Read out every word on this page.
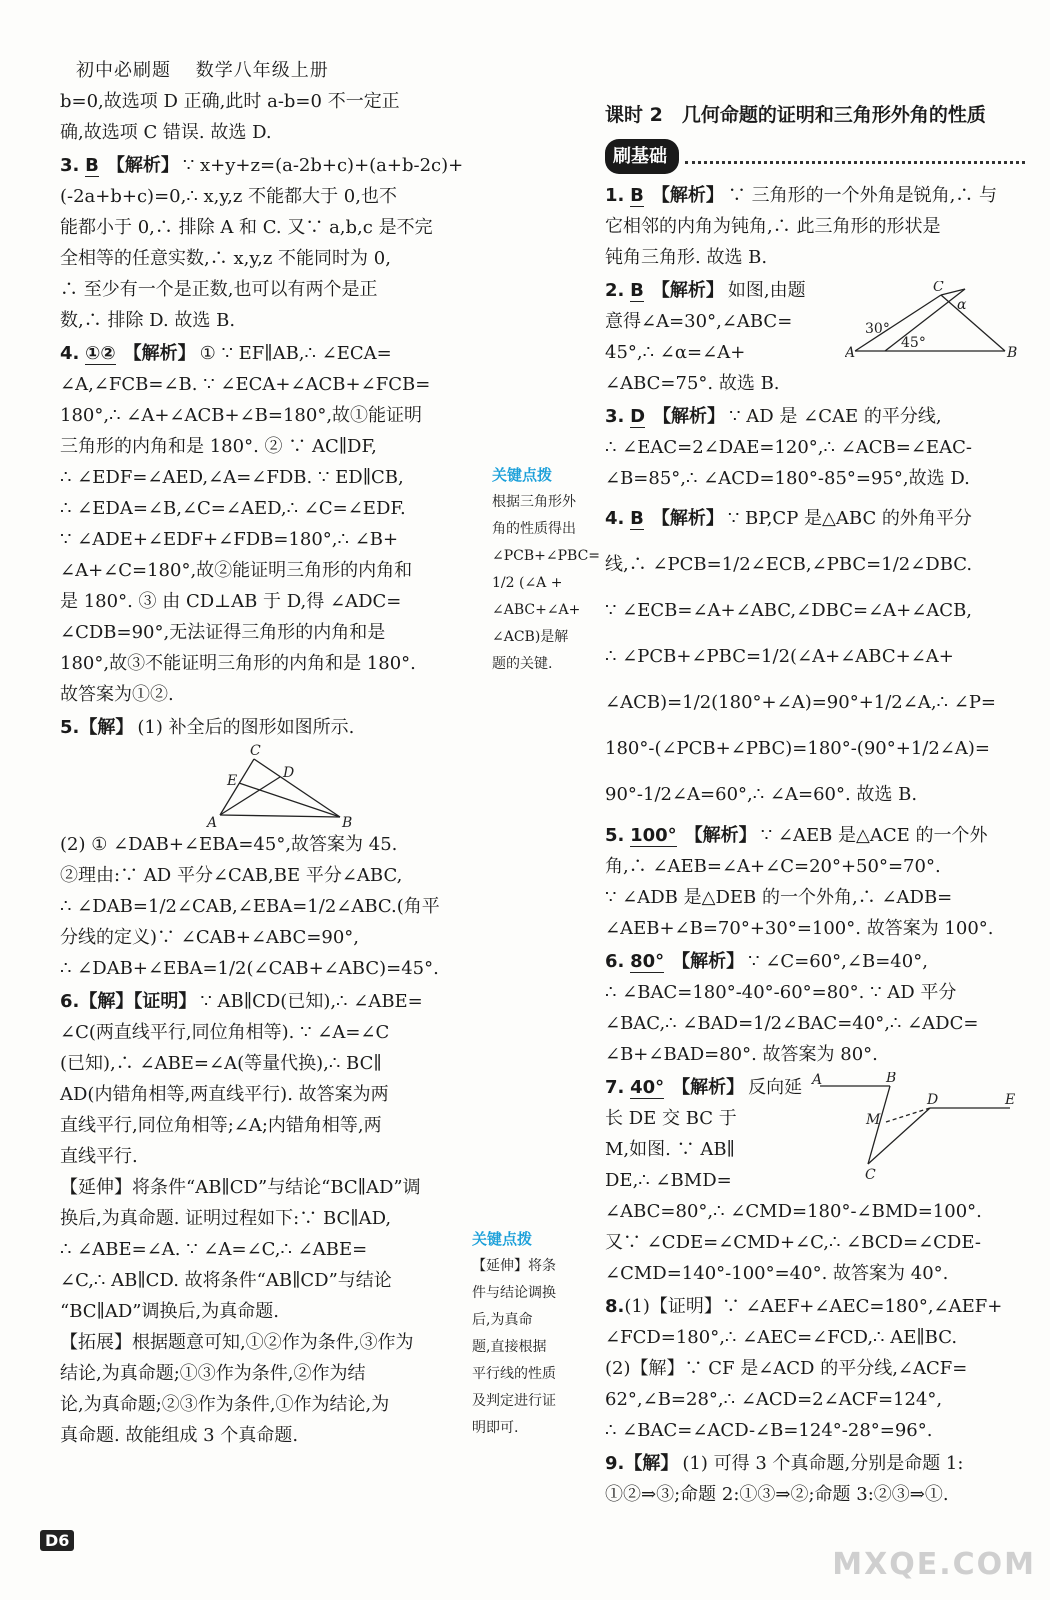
初中必刷题 数学八年级上册
b=0,故选项 D 正确,此时 a-b=0 不一定正
确,故选项 C 错误. 故选 D.
3. B 【解析】 ∵ x+y+z=(a-2b+c)+(a+b-2c)+
(-2a+b+c)=0,∴ x,y,z 不能都大于 0,也不
能都小于 0,∴ 排除 A 和 C. 又∵ a,b,c 是不完
全相等的任意实数,∴ x,y,z 不能同时为 0,
∴ 至少有一个是正数,也可以有两个是正
数,∴ 排除 D. 故选 B.
4. ①② 【解析】 ① ∵ EF∥AB,∴ ∠ECA=
∠A,∠FCB=∠B. ∵ ∠ECA+∠ACB+∠FCB=
180°,∴ ∠A+∠ACB+∠B=180°,故①能证明
三角形的内角和是 180°. ② ∵ AC∥DF,
∴ ∠EDF=∠AED,∠A=∠FDB. ∵ ED∥CB,
∴ ∠EDA=∠B,∠C=∠AED,∴ ∠C=∠EDF.
∵ ∠ADE+∠EDF+∠FDB=180°,∴ ∠B+
∠A+∠C=180°,故②能证明三角形的内角和
是 180°. ③ 由 CD⊥AB 于 D,得 ∠ADC=
∠CDB=90°,无法证得三角形的内角和是
180°,故③不能证明三角形的内角和是 180°.
故答案为①②.
5.【解】 (1) 补全后的图形如图所示.
C
E	D
A	B
(2) ① ∠DAB+∠EBA=45°,故答案为 45.
②理由:∵ AD 平分∠CAB,BE 平分∠ABC,
∴ ∠DAB=1/2∠CAB,∠EBA=1/2∠ABC.(角平
分线的定义)∵ ∠CAB+∠ABC=90°,
∴ ∠DAB+∠EBA=1/2(∠CAB+∠ABC)=45°.
6.【解】【证明】 ∵ AB∥CD(已知),∴ ∠ABE=
∠C(两直线平行,同位角相等). ∵ ∠A=∠C
(已知),∴ ∠ABE=∠A(等量代换),∴ BC∥
AD(内错角相等,两直线平行). 故答案为两
直线平行,同位角相等;∠A;内错角相等,两
直线平行.
【延伸】将条件“AB∥CD”与结论“BC∥AD”调
换后,为真命题. 证明过程如下:∵ BC∥AD,
∴ ∠ABE=∠A. ∵ ∠A=∠C,∴ ∠ABE=
∠C,∴ AB∥CD. 故将条件“AB∥CD”与结论
“BC∥AD”调换后,为真命题.
【拓展】根据题意可知,①②作为条件,③作为
结论,为真命题;①③作为条件,②作为结
论,为真命题;②③作为条件,①作为结论,为
真命题. 故能组成 3 个真命题.
关键点拨
根据三角形外
角的性质得出
∠PCB+∠PBC=
1/2 (∠A +
∠ABC+∠A+
∠ACB)是解
题的关键.
关键点拨
【延伸】将条
件与结论调换
后,为真命
题,直接根据
平行线的性质
及判定进行证
明即可.
课时 2　几何命题的证明和三角形外角的性质
刷基础
1. B 【解析】 ∵ 三角形的一个外角是锐角,∴ 与
它相邻的内角为钝角,∴ 此三角形的形状是
钝角三角形. 故选 B.
2. B 【解析】 如图,由题
意得∠A=30°,∠ABC=
45°,∴ ∠α=∠A+
∠ABC=75°. 故选 B.
C
A	B
30°
45°
α
3. D 【解析】 ∵ AD 是 ∠CAE 的平分线,
∴ ∠EAC=2∠DAE=120°,∴ ∠ACB=∠EAC-
∠B=85°,∴ ∠ACD=180°-85°=95°,故选 D.
4. B 【解析】 ∵ BP,CP 是△ABC 的外角平分
线,∴ ∠PCB=1/2∠ECB,∠PBC=1/2∠DBC.
∵ ∠ECB=∠A+∠ABC,∠DBC=∠A+∠ACB,
∴ ∠PCB+∠PBC=1/2(∠A+∠ABC+∠A+
∠ACB)=1/2(180°+∠A)=90°+1/2∠A,∴ ∠P=
180°-(∠PCB+∠PBC)=180°-(90°+1/2∠A)=
90°-1/2∠A=60°,∴ ∠A=60°. 故选 B.
5. 100° 【解析】 ∵ ∠AEB 是△ACE 的一个外
角,∴ ∠AEB=∠A+∠C=20°+50°=70°.
∵ ∠ADB 是△DEB 的一个外角,∴ ∠ADB=
∠AEB+∠B=70°+30°=100°. 故答案为 100°.
6. 80° 【解析】 ∵ ∠C=60°,∠B=40°,
∴ ∠BAC=180°-40°-60°=80°. ∵ AD 平分
∠BAC,∴ ∠BAD=1/2∠BAC=40°,∴ ∠ADC=
∠B+∠BAD=80°. 故答案为 80°.
7. 40° 【解析】 反向延
长 DE 交 BC 于
M,如图. ∵ AB∥
DE,∴ ∠BMD=
A	B
D	E
M
C
∠ABC=80°,∴ ∠CMD=180°-∠BMD=100°.
又∵ ∠CDE=∠CMD+∠C,∴ ∠BCD=∠CDE-
∠CMD=140°-100°=40°. 故答案为 40°.
8.(1)【证明】∵ ∠AEF+∠AEC=180°,∠AEF+
∠FCD=180°,∴ ∠AEC=∠FCD,∴ AE∥BC.
(2)【解】∵ CF 是∠ACD 的平分线,∠ACF=
62°,∠B=28°,∴ ∠ACD=2∠ACF=124°,
∴ ∠BAC=∠ACD-∠B=124°-28°=96°.
9.【解】 (1) 可得 3 个真命题,分别是命题 1:
①②⇒③;命题 2:①③⇒②;命题 3:②③⇒①.
D6
MXQE.COM
